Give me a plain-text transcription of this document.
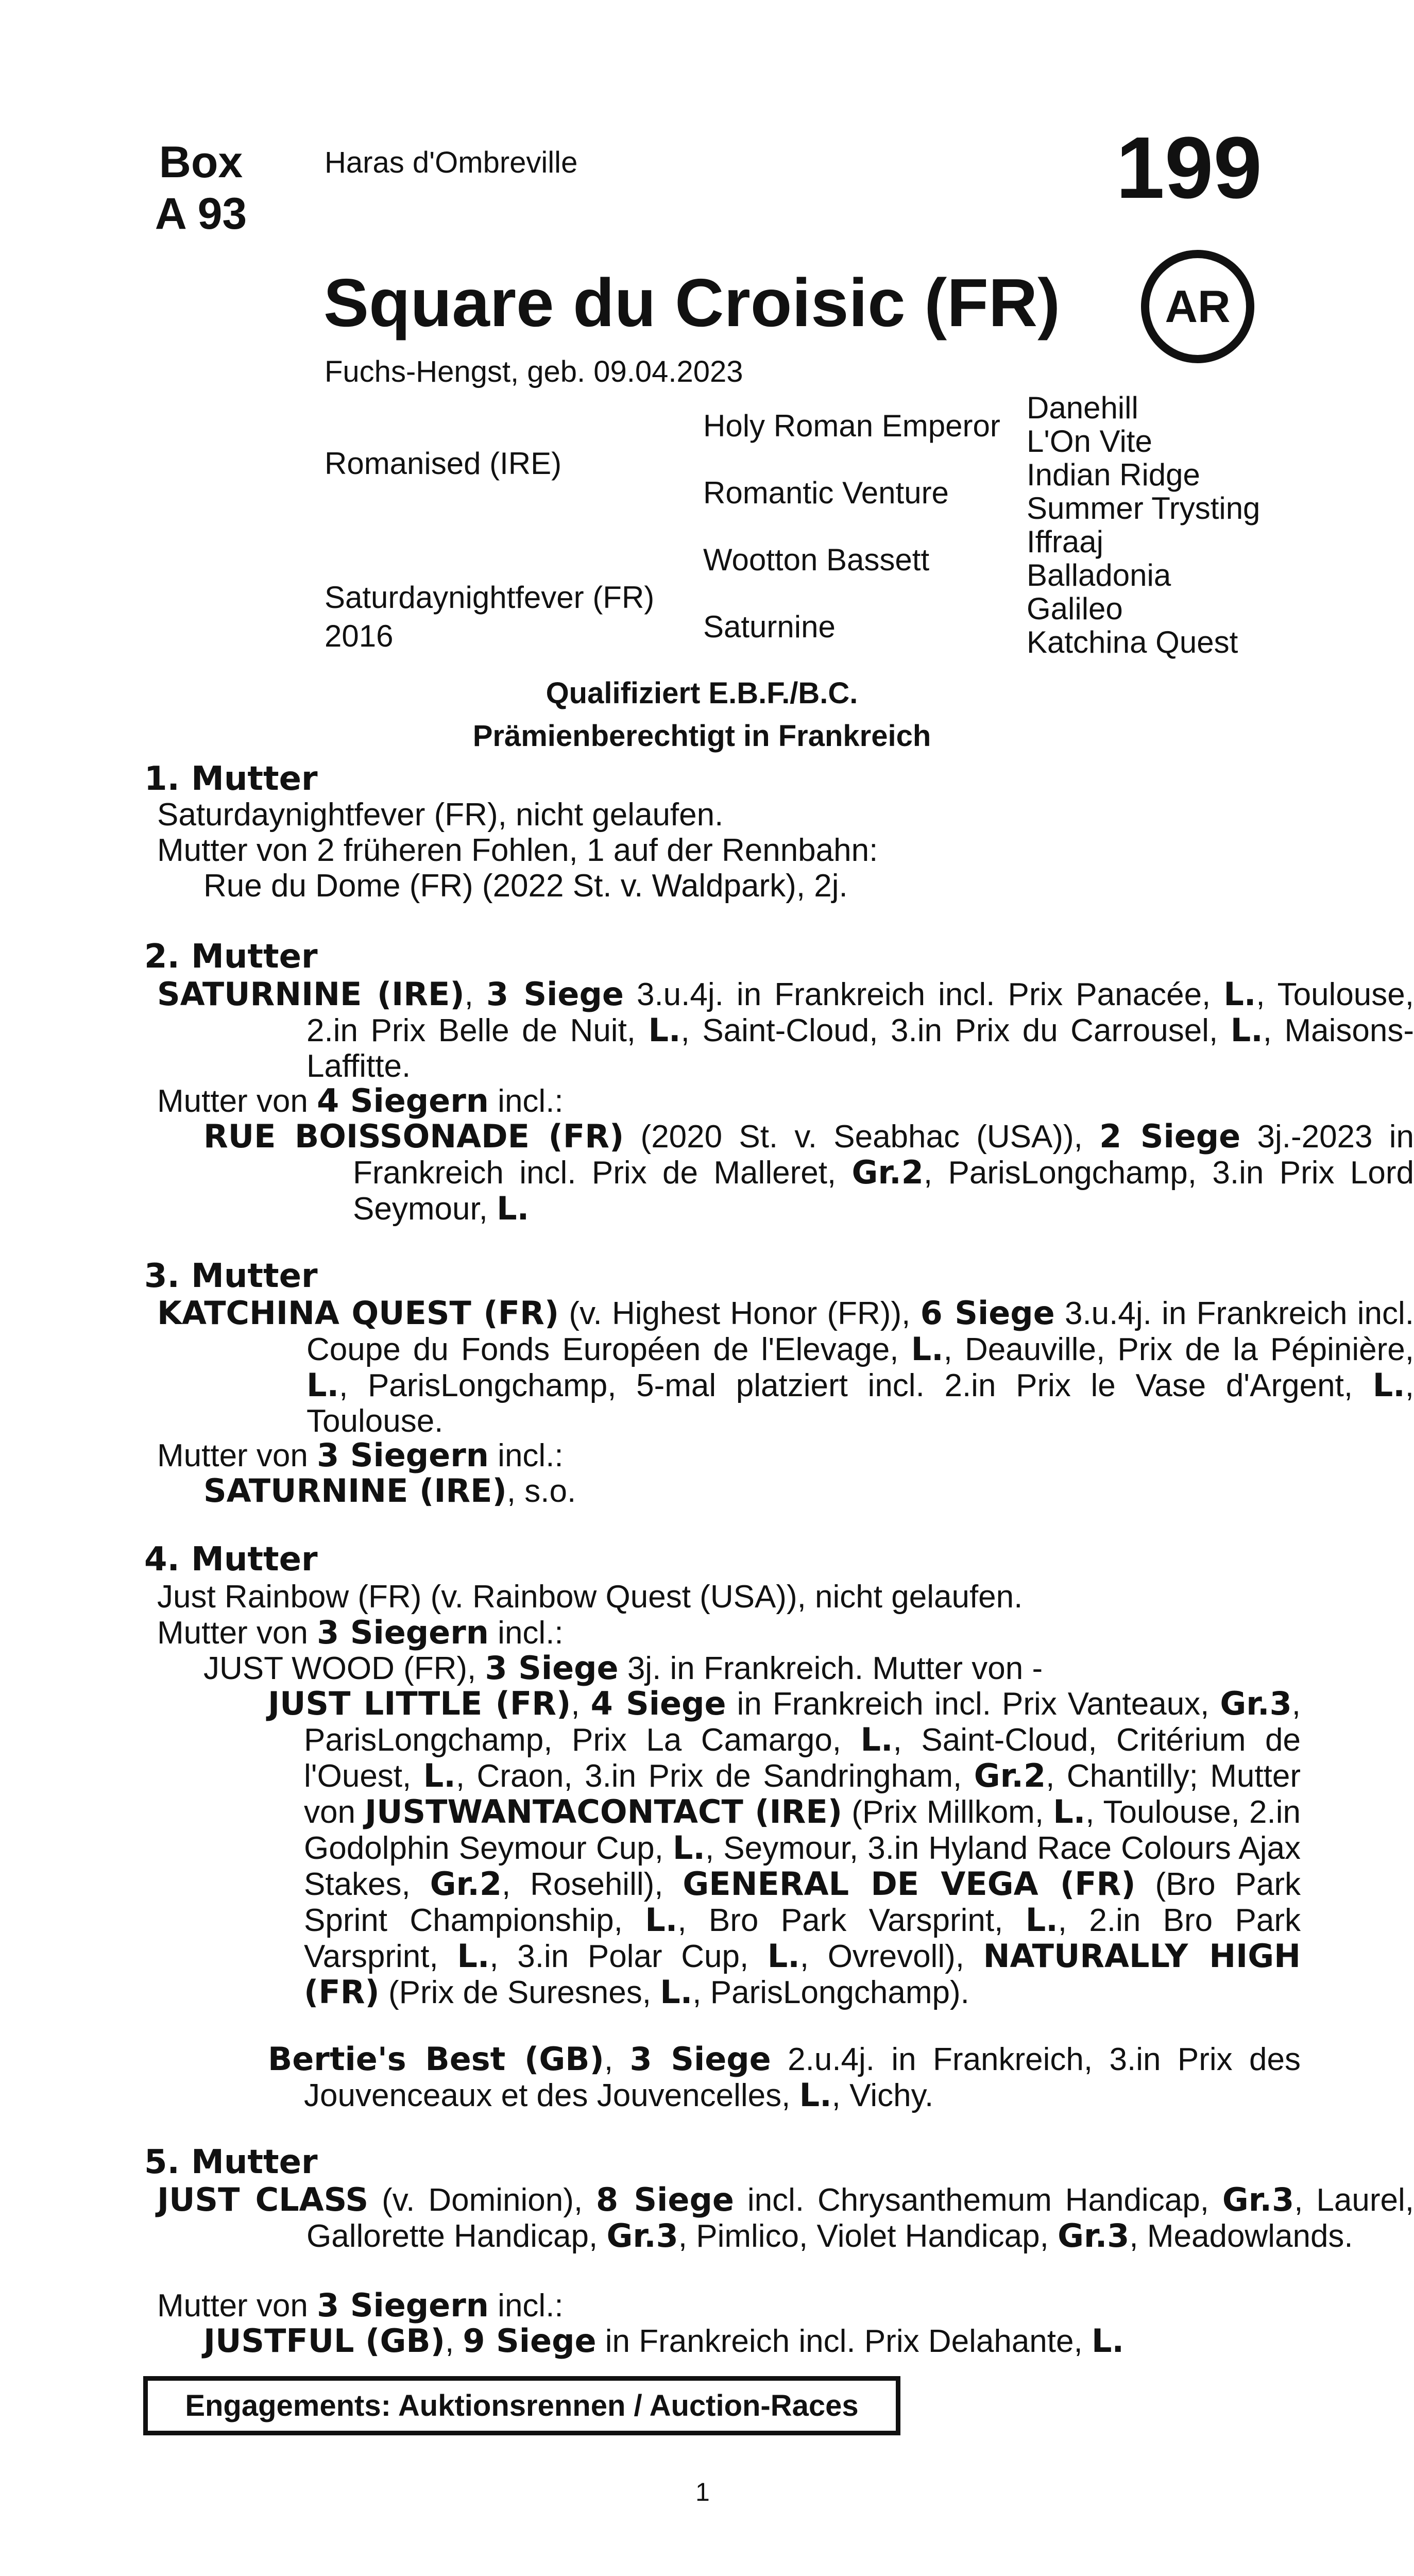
Box
A 93
Haras d'Ombreville	199
Square du Croisic (FR)	AR
Fuchs-Hengst, geb. 09.04.2023
Romanised (IRE)
Saturdaynightfever (FR)
2016
Holy Roman Emperor
Romantic Venture
Wootton Bassett
Saturnine
Danehill
L'On Vite
Indian Ridge
Summer Trysting
Iffraaj
Balladonia
Galileo
Katchina Quest
Qualifiziert E.B.F./B.C.
Prämienberechtigt in Frankreich
1. Mutter
Saturdaynightfever (FR), nicht gelaufen.
Mutter von 2 früheren Fohlen, 1 auf der Rennbahn:
Rue du Dome (FR) (2022 St. v. Waldpark), 2j.
2. Mutter
SATURNINE (IRE), 3 Siege 3.u.4j. in Frankreich incl. Prix Panacée, L., Toulouse, 2.in Prix Belle de Nuit, L., Saint-Cloud, 3.in Prix du Carrousel, L., Maisons-Laffitte.
Mutter von 4 Siegern incl.:
RUE BOISSONADE (FR) (2020 St. v. Seabhac (USA)), 2 Siege 3j.-2023 in Frankreich incl. Prix de Malleret, Gr.2, ParisLongchamp, 3.in Prix Lord Seymour, L.
3. Mutter
KATCHINA QUEST (FR) (v. Highest Honor (FR)), 6 Siege 3.u.4j. in Frankreich incl. Coupe du Fonds Européen de l'Elevage, L., Deauville, Prix de la Pépinière, L., ParisLongchamp, 5-mal platziert incl. 2.in Prix le Vase d'Argent, L., Toulouse.
Mutter von 3 Siegern incl.:
SATURNINE (IRE), s.o.
4. Mutter
Just Rainbow (FR) (v. Rainbow Quest (USA)), nicht gelaufen.
Mutter von 3 Siegern incl.:
JUST WOOD (FR), 3 Siege 3j. in Frankreich. Mutter von -
JUST LITTLE (FR), 4 Siege in Frankreich incl. Prix Vanteaux, Gr.3, ParisLongchamp, Prix La Camargo, L., Saint-Cloud, Critérium de l'Ouest, L., Craon, 3.in Prix de Sandringham, Gr.2, Chantilly; Mutter von JUSTWANTACONTACT (IRE) (Prix Millkom, L., Toulouse, 2.in Godolphin Seymour Cup, L., Seymour, 3.in Hyland Race Colours Ajax Stakes, Gr.2, Rosehill), GENERAL DE VEGA (FR) (Bro Park Sprint Championship, L., Bro Park Varsprint, L., 2.in Bro Park Varsprint, L., 3.in Polar Cup, L., Ovrevoll), NATURALLY HIGH (FR) (Prix de Suresnes, L., ParisLongchamp).
Bertie's Best (GB), 3 Siege 2.u.4j. in Frankreich, 3.in Prix des Jouvenceaux et des Jouvencelles, L., Vichy.
5. Mutter
JUST CLASS (v. Dominion), 8 Siege incl. Chrysanthemum Handicap, Gr.3, Laurel, Gallorette Handicap, Gr.3, Pimlico, Violet Handicap, Gr.3, Meadowlands.
Mutter von 3 Siegern incl.:
JUSTFUL (GB), 9 Siege in Frankreich incl. Prix Delahante, L.
Engagements: Auktionsrennen / Auction-Races
1
